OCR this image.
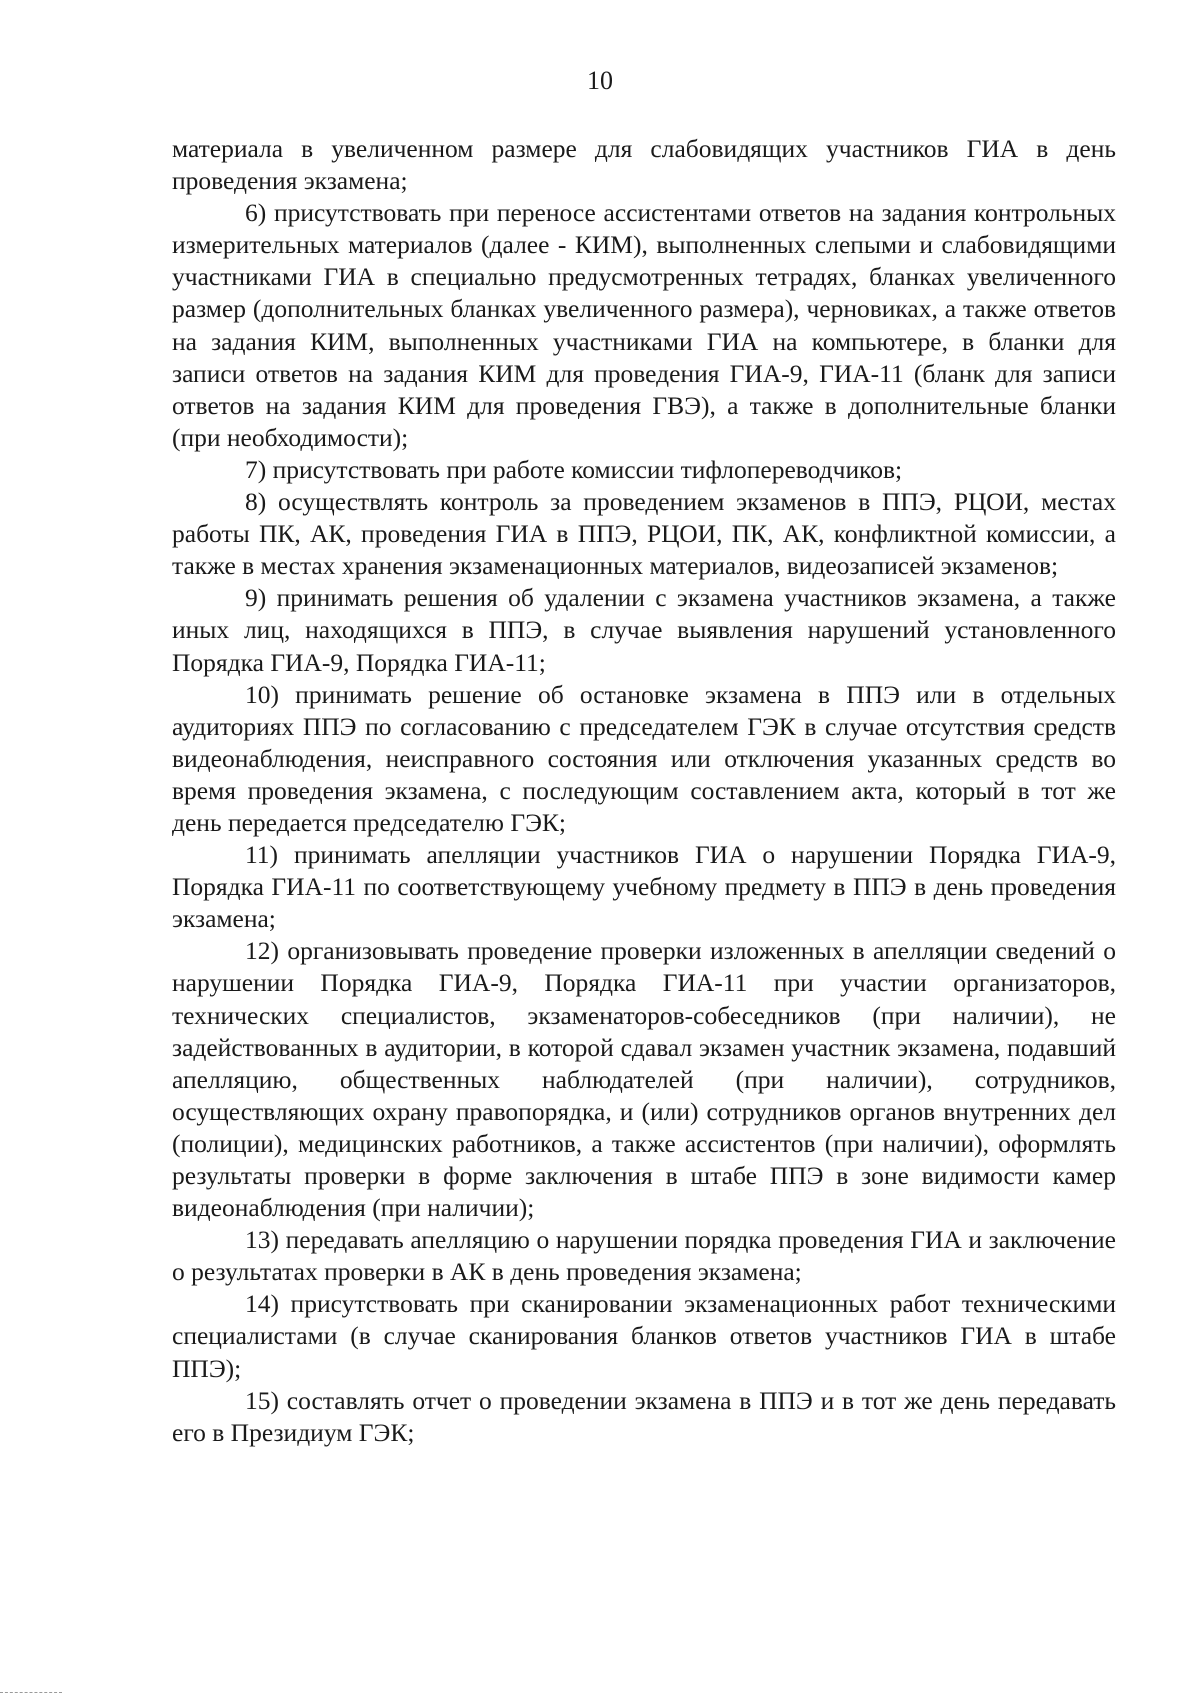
10

материала в увеличенном размере для слабовидящих участников ГИА в день проведения экзамена;

6) присутствовать при переносе ассистентами ответов на задания контрольных измерительных материалов (далее - КИМ), выполненных слепыми и слабовидящими участниками ГИА в специально предусмотренных тетрадях, бланках увеличенного размер (дополнительных бланках увеличенного размера), черновиках, а также ответов на задания КИМ, выполненных участниками ГИА на компьютере, в бланки для записи ответов на задания КИМ для проведения ГИА-9, ГИА-11 (бланк для записи ответов на задания КИМ для проведения ГВЭ), а также в дополнительные бланки (при необходимости);

7) присутствовать при работе комиссии тифлопереводчиков;

8) осуществлять контроль за проведением экзаменов в ППЭ, РЦОИ, местах работы ПК, АК, проведения ГИА в ППЭ, РЦОИ, ПК, АК, конфликтной комиссии, а также в местах хранения экзаменационных материалов, видеозаписей экзаменов;

9) принимать решения об удалении с экзамена участников экзамена, а также иных лиц, находящихся в ППЭ, в случае выявления нарушений установленного Порядка ГИА-9, Порядка ГИА-11;

10) принимать решение об остановке экзамена в ППЭ или в отдельных аудиториях ППЭ по согласованию с председателем ГЭК в случае отсутствия средств видеонаблюдения, неисправного состояния или отключения указанных средств во время проведения экзамена, с последующим составлением акта, который в тот же день передается председателю ГЭК;

11) принимать апелляции участников ГИА о нарушении Порядка ГИА-9, Порядка ГИА-11 по соответствующему учебному предмету в ППЭ в день проведения экзамена;

12) организовывать проведение проверки изложенных в апелляции сведений о нарушении Порядка ГИА-9, Порядка ГИА-11 при участии организаторов, технических специалистов, экзаменаторов-собеседников (при наличии), не задействованных в аудитории, в которой сдавал экзамен участник экзамена, подавший апелляцию, общественных наблюдателей (при наличии), сотрудников, осуществляющих охрану правопорядка, и (или) сотрудников органов внутренних дел (полиции), медицинских работников, а также ассистентов (при наличии), оформлять результаты проверки в форме заключения в штабе ППЭ в зоне видимости камер видеонаблюдения (при наличии);

13) передавать апелляцию о нарушении порядка проведения ГИА и заключение о результатах проверки в АК в день проведения экзамена;

14) присутствовать при сканировании экзаменационных работ техническими специалистами (в случае сканирования бланков ответов участников ГИА в штабе ППЭ);

15) составлять отчет о проведении экзамена в ППЭ и в тот же день передавать его в Президиум ГЭК;
